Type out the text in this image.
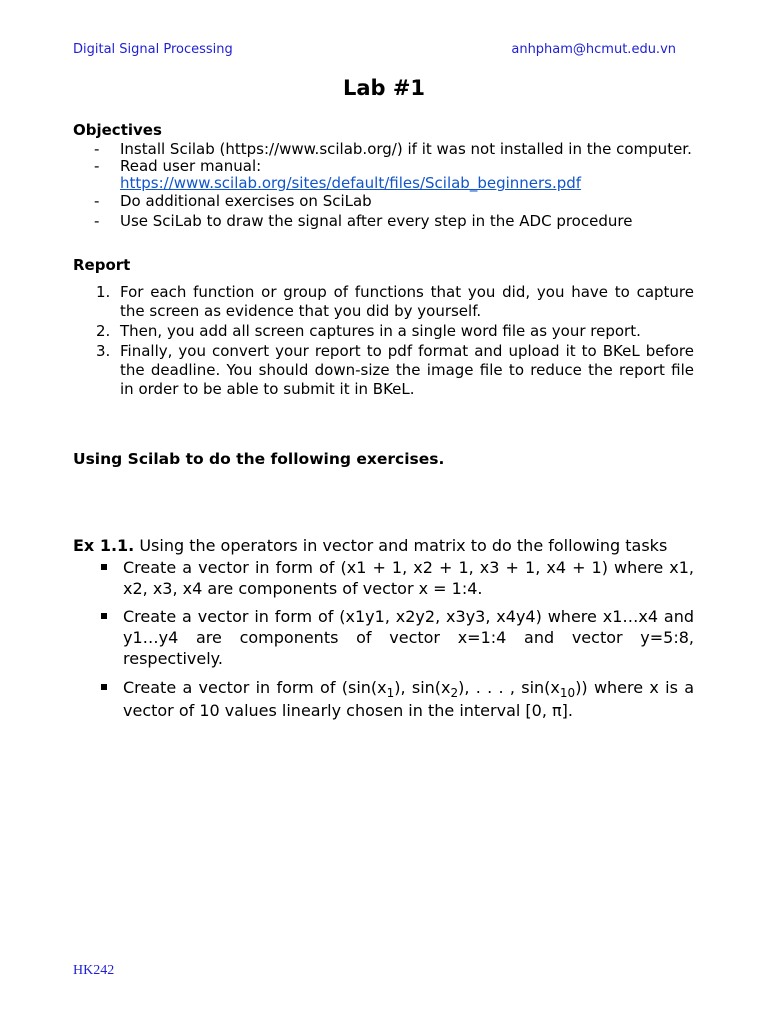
Digital Signal Processing	anhpham@hcmut.edu.vn
Lab #1
Objectives
- Install Scilab (https://www.scilab.org/) if it was not installed in the computer.
- Read user manual:
https://www.scilab.org/sites/default/files/Scilab_beginners.pdf
- Do additional exercises on SciLab
- Use SciLab to draw the signal after every step in the ADC procedure
Report
1. For each function or group of functions that you did, you have to capture the screen as evidence that you did by yourself.
2. Then, you add all screen captures in a single word file as your report.
3. Finally, you convert your report to pdf format and upload it to BKeL before the deadline. You should down-size the image file to reduce the report file in order to be able to submit it in BKeL.
Using Scilab to do the following exercises.
Ex 1.1. Using the operators in vector and matrix to do the following tasks
Create a vector in form of (x1 + 1, x2 + 1, x3 + 1, x4 + 1) where x1, x2, x3, x4 are components of vector x = 1:4.
Create a vector in form of (x1y1, x2y2, x3y3, x4y4) where x1…x4 and y1…y4 are components of vector x=1:4 and vector y=5:8, respectively.
Create a vector in form of ($\sin(x_1)$, $\sin(x_2)$, . . . , $\sin(x_{10})$) where x is a vector of 10 values linearly chosen in the interval [0, π].
HK242
